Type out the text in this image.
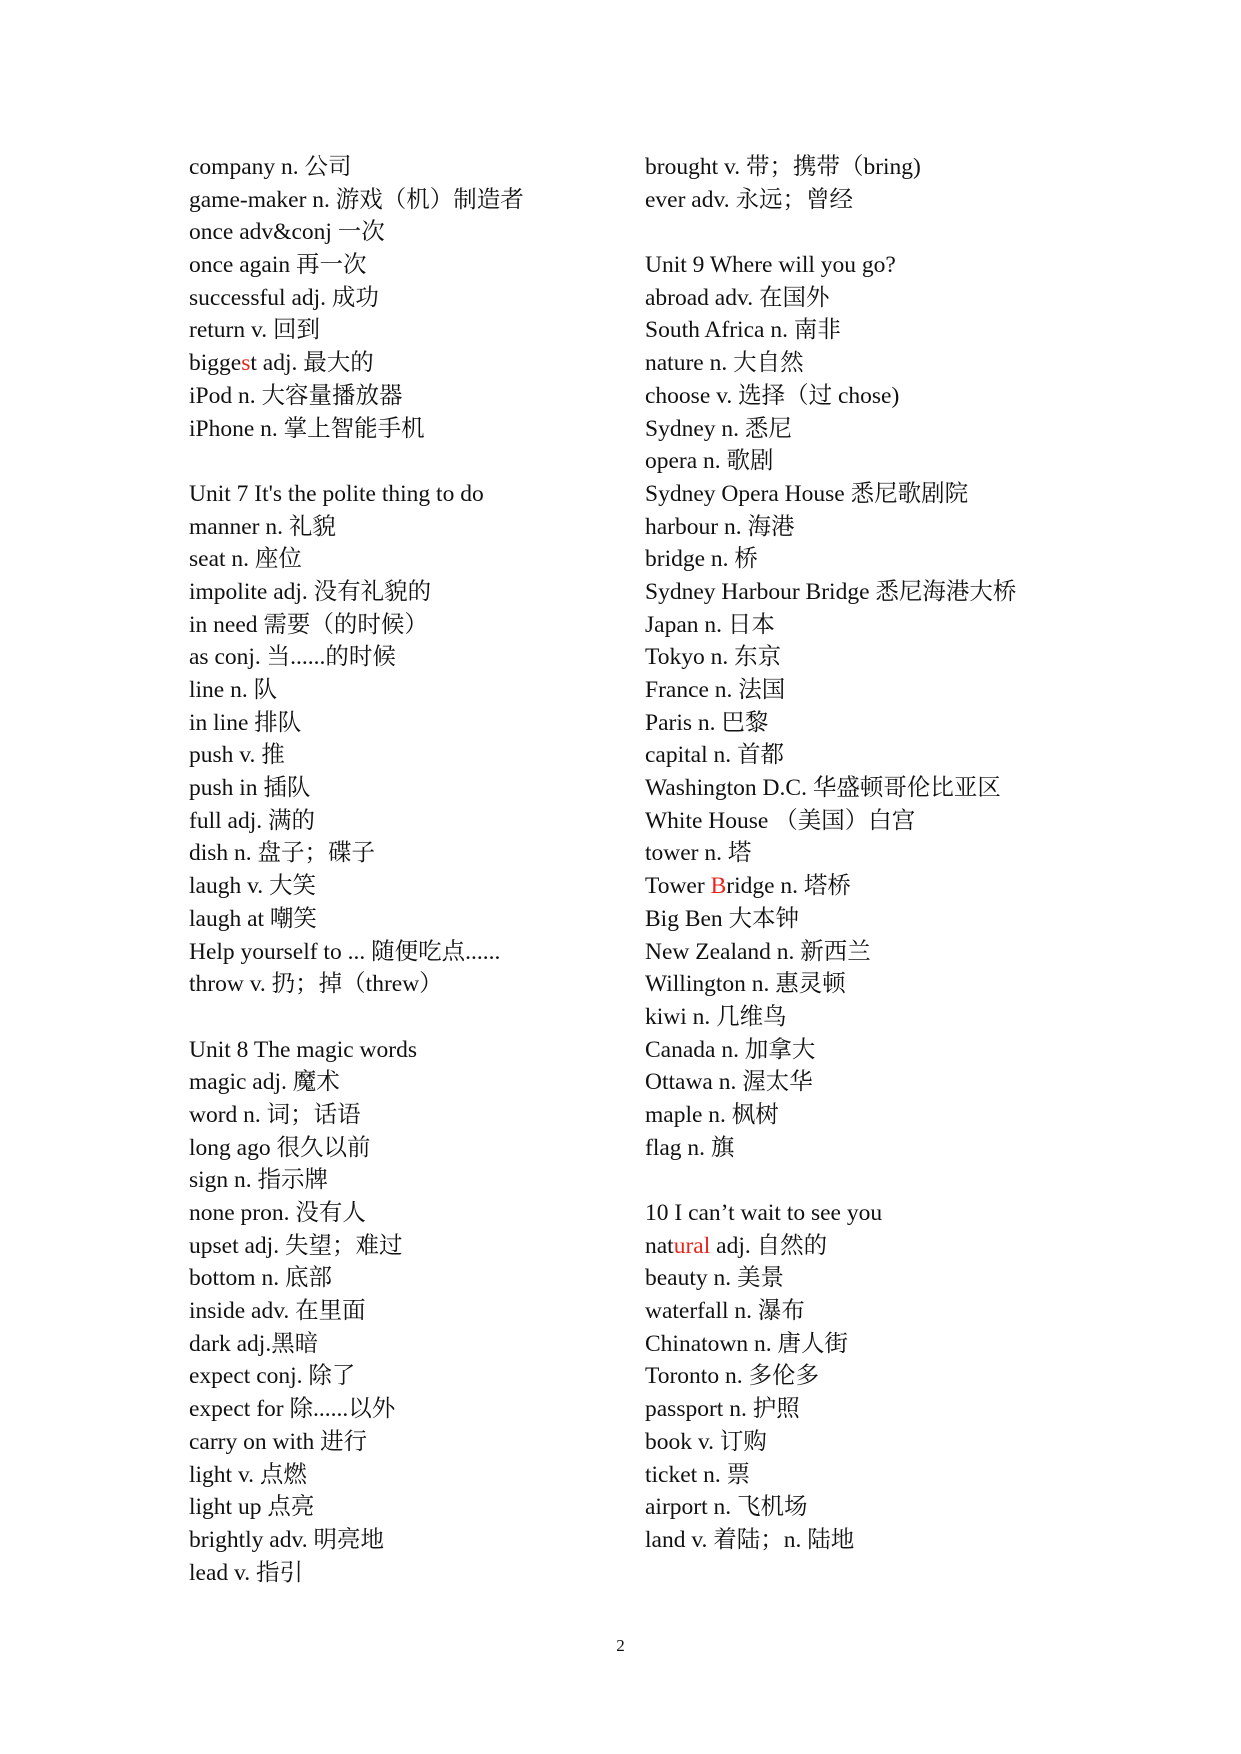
company n. 公司
game-maker n. 游戏（机）制造者
once adv&conj 一次
once again 再一次
successful adj. 成功
return v. 回到
biggest adj. 最大的
iPod n. 大容量播放器
iPhone n. 掌上智能手机
Unit 7 It's the polite thing to do
manner n. 礼貌
seat n. 座位
impolite adj. 没有礼貌的
in need 需要（的时候）
as conj. 当......的时候
line n. 队
in line 排队
push v. 推
push in 插队
full adj. 满的
dish n. 盘子；碟子
laugh v. 大笑
laugh at 嘲笑
Help yourself to ... 随便吃点......
throw v. 扔；掉（threw）
Unit 8 The magic words
magic adj. 魔术
word n. 词；话语
long ago 很久以前
sign n. 指示牌
none pron. 没有人
upset adj. 失望；难过
bottom n. 底部
inside adv. 在里面
dark adj.黑暗
expect conj. 除了
expect for 除......以外
carry on with 进行
light v. 点燃
light up 点亮
brightly adv. 明亮地
lead v. 指引
brought v. 带；携带（bring)
ever adv. 永远；曾经
Unit 9 Where will you go?
abroad adv. 在国外
South Africa n. 南非
nature n. 大自然
choose v. 选择（过 chose)
Sydney n. 悉尼
opera n. 歌剧
Sydney Opera House 悉尼歌剧院
harbour n. 海港
bridge n. 桥
Sydney Harbour Bridge 悉尼海港大桥
Japan n. 日本
Tokyo n. 东京
France n. 法国
Paris n. 巴黎
capital n. 首都
Washington D.C. 华盛顿哥伦比亚区
White House （美国）白宫
tower n. 塔
Tower Bridge n. 塔桥
Big Ben 大本钟
New Zealand n. 新西兰
Willington n. 惠灵顿
kiwi n. 几维鸟
Canada n. 加拿大
Ottawa n. 渥太华
maple n. 枫树
flag n. 旗
10 I can’t wait to see you
natural adj. 自然的
beauty n. 美景
waterfall n. 瀑布
Chinatown n. 唐人街
Toronto n. 多伦多
passport n. 护照
book v. 订购
ticket n. 票
airport n. 飞机场
land v. 着陆；n. 陆地
2
